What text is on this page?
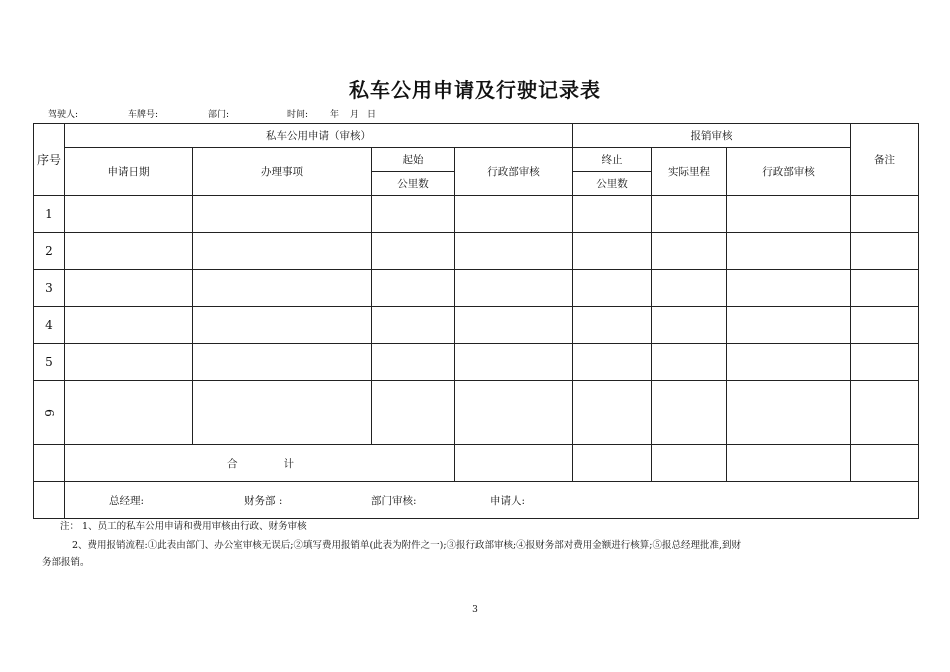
私车公用申请及行驶记录表
驾驶人:	车牌号:	部门:	时间: 年 月 日
序号	私车公用申请（审核）				报销审核			备注
	申请日期	办理事项	起始	行政部审核	终止	实际里程	行政部审核	
			公里数		公里数			
1								
2								
3								
4								
5								
6								
	合 计							
	总经理: 财务部 : 部门审核: 申请人:							
注： 1、员工的私车公用申请和费用审核由行政、财务审核
2、费用报销流程:①此表由部门、办公室审核无误后;②填写费用报销单(此表为附件之一);③报行政部审核;④报财务部对费用金额进行核算;⑤报总经理批准,到财
务部报销。
3
